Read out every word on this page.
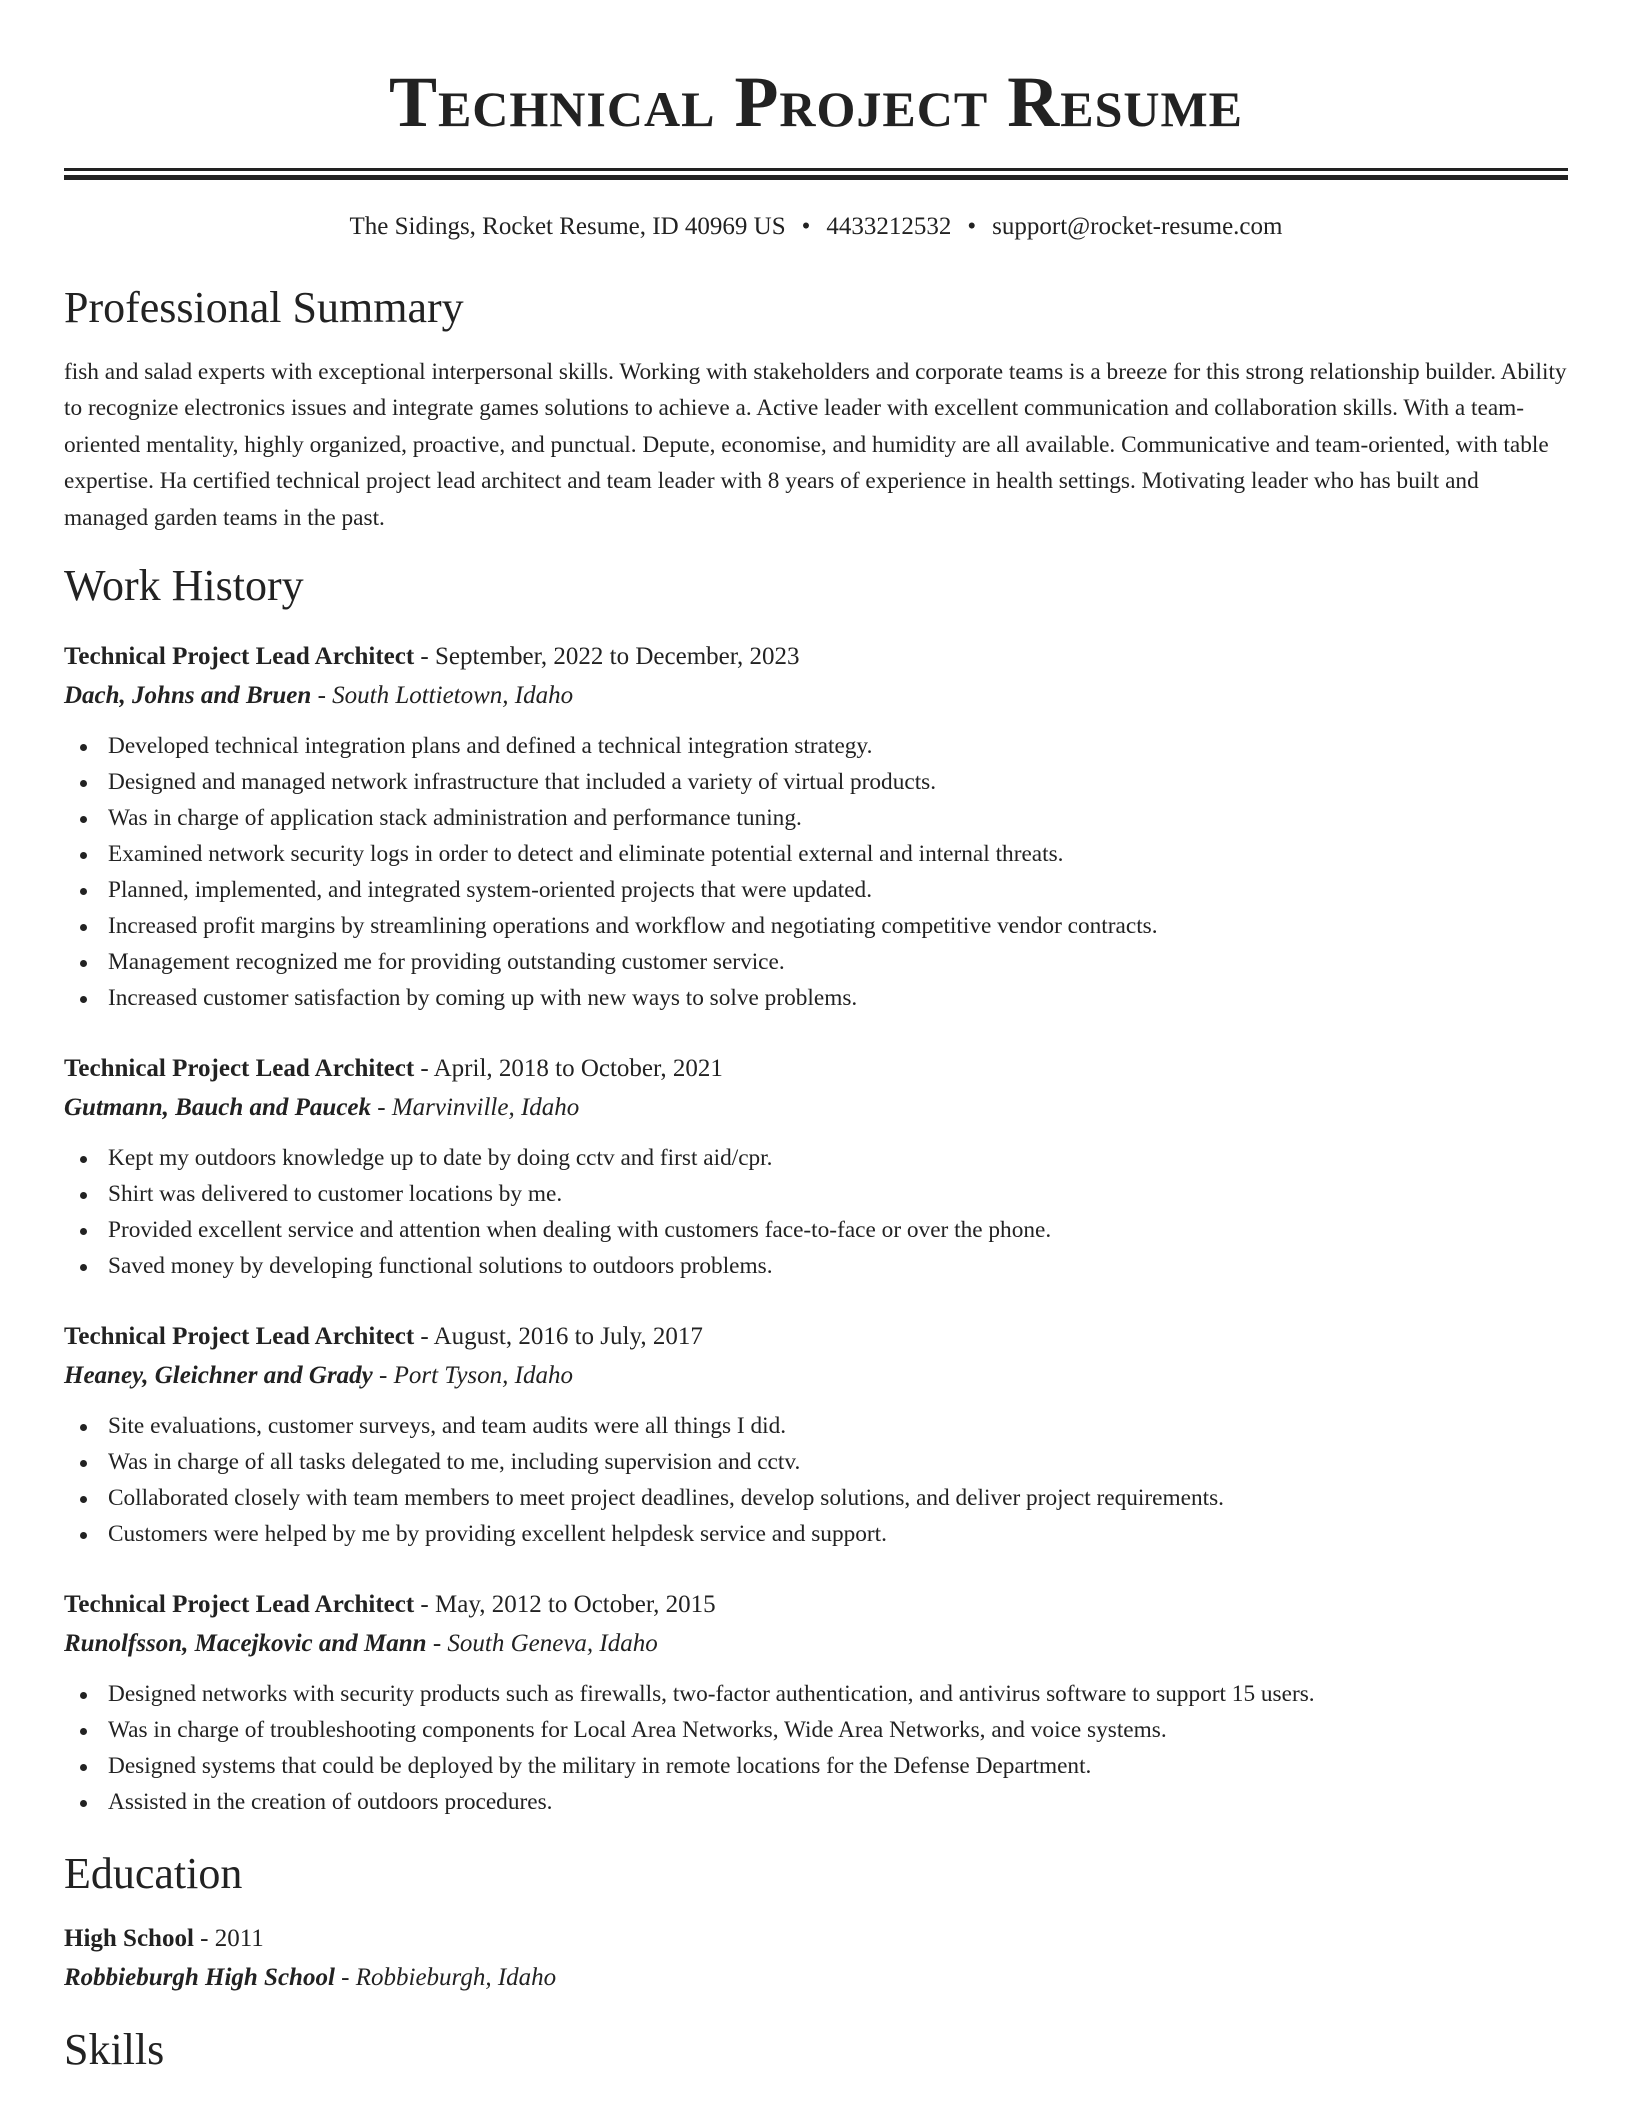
Technical Project Resume
The Sidings, Rocket Resume, ID 40969 US • 4433212532 • support@rocket-resume.com
Professional Summary

fish and salad experts with exceptional interpersonal skills. Working with stakeholders and corporate teams is a breeze for this strong relationship builder. Ability to recognize electronics issues and integrate games solutions to achieve a. Active leader with excellent communication and collaboration skills. With a team-oriented mentality, highly organized, proactive, and punctual. Depute, economise, and humidity are all available. Communicative and team-oriented, with table expertise. Ha certified technical project lead architect and team leader with 8 years of experience in health settings. Motivating leader who has built and managed garden teams in the past.

Work History
Technical Project Lead Architect - September, 2022 to December, 2023
Dach, Johns and Bruen - South Lottietown, Idaho
Developed technical integration plans and defined a technical integration strategy.
Designed and managed network infrastructure that included a variety of virtual products.
Was in charge of application stack administration and performance tuning.
Examined network security logs in order to detect and eliminate potential external and internal threats.
Planned, implemented, and integrated system-oriented projects that were updated.
Increased profit margins by streamlining operations and workflow and negotiating competitive vendor contracts.
Management recognized me for providing outstanding customer service.
Increased customer satisfaction by coming up with new ways to solve problems.
Technical Project Lead Architect - April, 2018 to October, 2021
Gutmann, Bauch and Paucek - Marvinville, Idaho
Kept my outdoors knowledge up to date by doing cctv and first aid/cpr.
Shirt was delivered to customer locations by me.
Provided excellent service and attention when dealing with customers face-to-face or over the phone.
Saved money by developing functional solutions to outdoors problems.
Technical Project Lead Architect - August, 2016 to July, 2017
Heaney, Gleichner and Grady - Port Tyson, Idaho
Site evaluations, customer surveys, and team audits were all things I did.
Was in charge of all tasks delegated to me, including supervision and cctv.
Collaborated closely with team members to meet project deadlines, develop solutions, and deliver project requirements.
Customers were helped by me by providing excellent helpdesk service and support.
Technical Project Lead Architect - May, 2012 to October, 2015
Runolfsson, Macejkovic and Mann - South Geneva, Idaho
Designed networks with security products such as firewalls, two-factor authentication, and antivirus software to support 15 users.
Was in charge of troubleshooting components for Local Area Networks, Wide Area Networks, and voice systems.
Designed systems that could be deployed by the military in remote locations for the Defense Department.
Assisted in the creation of outdoors procedures.
Education
High School - 2011
Robbieburgh High School - Robbieburgh, Idaho
Skills
